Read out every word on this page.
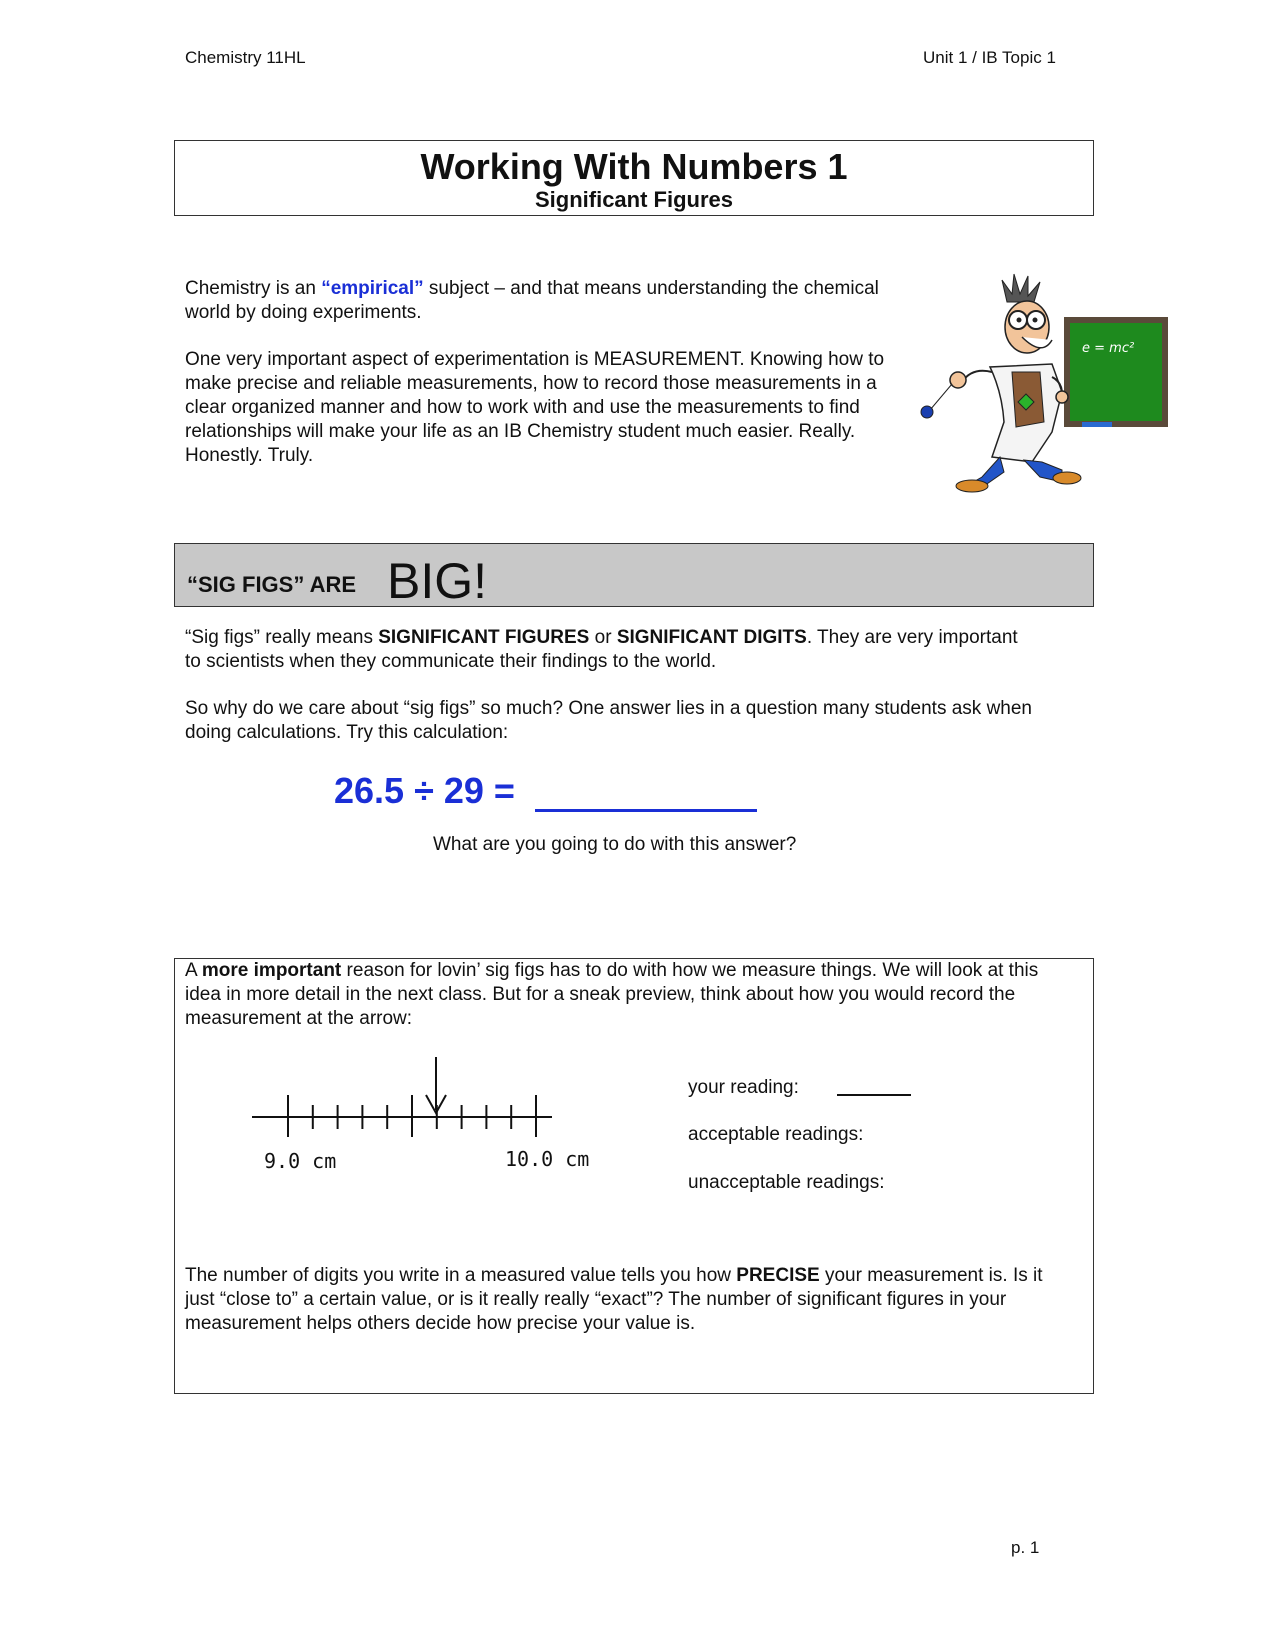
Chemistry 11HL	Unit 1 / IB Topic 1
Working With Numbers 1
Significant Figures
Chemistry is an “empirical” subject – and that means understanding the chemical world by doing experiments.
One very important aspect of experimentation is MEASUREMENT. Knowing how to make precise and reliable measurements, how to record those measurements in a clear organized manner and how to work with and use the measurements to find relationships will make your life as an IB Chemistry student much easier. Really. Honestly. Truly.
e = mc²
“SIG FIGS” ARE BIG!
“Sig figs” really means SIGNIFICANT FIGURES or SIGNIFICANT DIGITS. They are very important to scientists when they communicate their findings to the world.
So why do we care about “sig figs” so much? One answer lies in a question many students ask when doing calculations. Try this calculation:
26.5 ÷ 29 =
What are you going to do with this answer?
A more important reason for lovin’ sig figs has to do with how we measure things. We will look at this idea in more detail in the next class. But for a sneak preview, think about how you would record the measurement at the arrow:
9.0 cm	10.0 cm
your reading:
acceptable readings:
unacceptable readings:
The number of digits you write in a measured value tells you how PRECISE your measurement is. Is it just “close to” a certain value, or is it really really “exact”? The number of significant figures in your measurement helps others decide how precise your value is.
p. 1
